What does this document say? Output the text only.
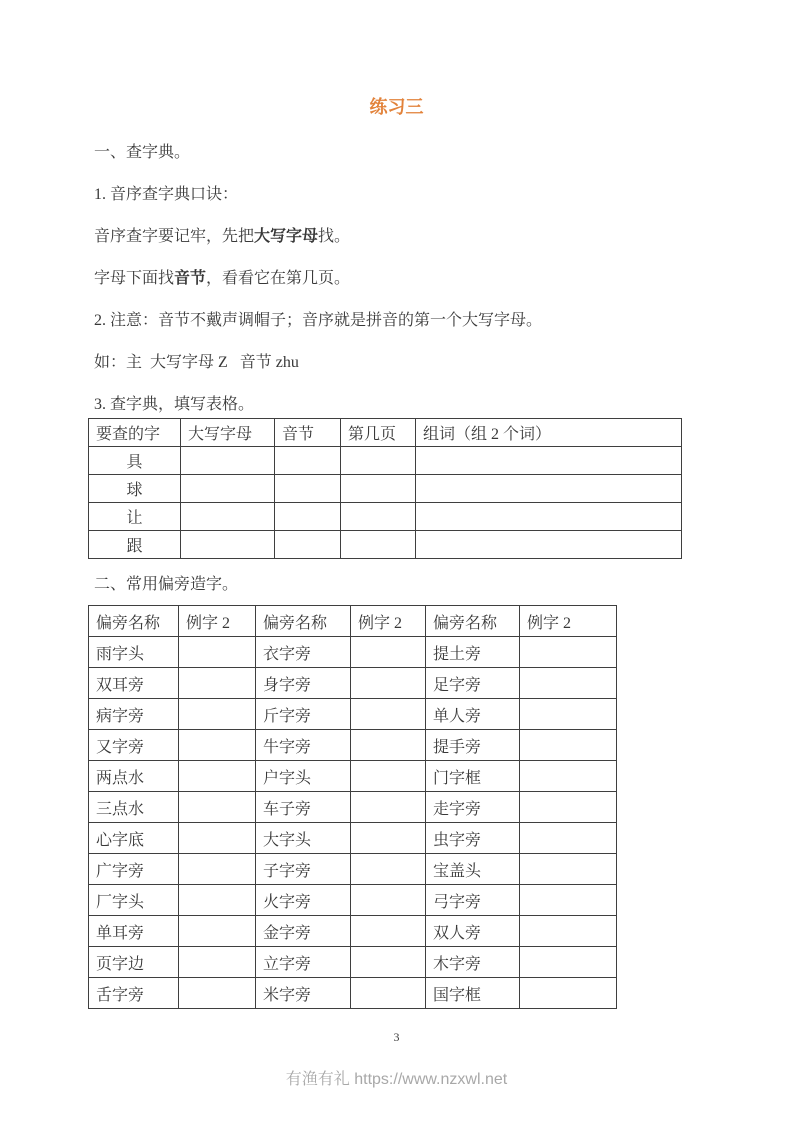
练习三

一、查字典。

1. 音序查字典口诀：

音序查字要记牢，先把大写字母找。

字母下面找音节，看看它在第几页。

2. 注意：音节不戴声调帽子；音序就是拼音的第一个大写字母。

如：主  大写字母 Z   音节 zhu

3. 查字典，填写表格。

要查的字	大写字母	音节	第几页	组词（组 2 个词）
具				
球				
让				
跟				

二、常用偏旁造字。

偏旁名称	例字 2	偏旁名称	例字 2	偏旁名称	例字 2
雨字头		衣字旁		提土旁	
双耳旁		身字旁		足字旁	
病字旁		斤字旁		单人旁	
又字旁		牛字旁		提手旁	
两点水		户字头		门字框	
三点水		车子旁		走字旁	
心字底		大字头		虫字旁	
广字旁		子字旁		宝盖头	
厂字头		火字旁		弓字旁	
单耳旁		金字旁		双人旁	
页字边		立字旁		木字旁	
舌字旁		米字旁		国字框	
3
有渔有礼 https://www.nzxwl.net
